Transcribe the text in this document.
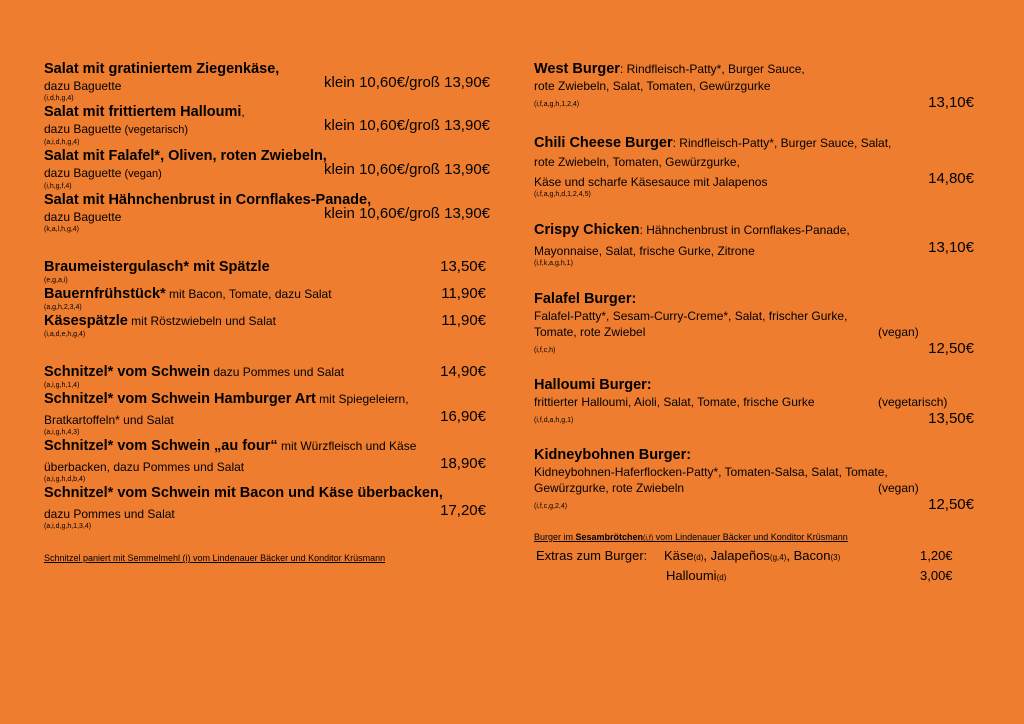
Salat mit gratiniertem Ziegenkäse,
dazu Baguette	klein 10,60€/groß 13,90€
(i,d,h,g,4)
Salat mit frittiertem Halloumi,
dazu Baguette (vegetarisch)	klein 10,60€/groß 13,90€
(a,i,d,h,g,4)
Salat mit Falafel*, Oliven, roten Zwiebeln,
dazu Baguette (vegan)	klein 10,60€/groß 13,90€
(i,h,g,f,4)
Salat mit Hähnchenbrust in Cornflakes-Panade,
dazu Baguette	klein 10,60€/groß 13,90€
(k,a,l,h,g,4)
Braumeistergulasch* mit Spätzle	13,50€
(e,g,a,i)
Bauernfrühstück* mit Bacon, Tomate, dazu Salat	11,90€
(a,g,h,2,3,4)
Käsespätzle mit Röstzwiebeln und Salat	11,90€
(i,a,d,e,h,g,4)
Schnitzel* vom Schwein dazu Pommes und Salat	14,90€
(a,i,g,h,1,4)
Schnitzel* vom Schwein Hamburger Art mit Spiegeleiern,
Bratkartoffeln* und Salat	16,90€
(a,i,g,h,4,3)
Schnitzel* vom Schwein „au four“ mit Würzfleisch und Käse
überbacken, dazu Pommes und Salat	18,90€
(a,i,g,h,d,b,4)
Schnitzel* vom Schwein mit Bacon und Käse überbacken,
dazu Pommes und Salat	17,20€
(a,i,d,g,h,1,3,4)
Schnitzel paniert mit Semmelmehl (i) vom Lindenauer Bäcker und Konditor Krüsmann
West Burger: Rindfleisch-Patty*, Burger Sauce,
rote Zwiebeln, Salat, Tomaten, Gewürzgurke
(i,f,a,g,h,1,2,4)	13,10€
Chili Cheese Burger: Rindfleisch-Patty*, Burger Sauce, Salat,
rote Zwiebeln, Tomaten, Gewürzgurke,
Käse und scharfe Käsesauce mit Jalapenos	14,80€
(i,f,a,g,h,d,1,2,4,5)
Crispy Chicken: Hähnchenbrust in Cornflakes-Panade,
Mayonnaise, Salat, frische Gurke, Zitrone	13,10€
(i,f,k,a,g,h,1)
Falafel Burger:
Falafel-Patty*, Sesam-Curry-Creme*, Salat, frischer Gurke,
Tomate, rote Zwiebel	(vegan)
(i,f,c,h)	12,50€
Halloumi Burger:
frittierter Halloumi, Aioli, Salat, Tomate, frische Gurke	(vegetarisch)
(i,f,d,a,h,g,1)	13,50€
Kidneybohnen Burger:
Kidneybohnen-Haferflocken-Patty*, Tomaten-Salsa, Salat, Tomate,
Gewürzgurke, rote Zwiebeln	(vegan)
(i,f,c,g,2,4)	12,50€
Burger im Sesambrötchen(i,f) vom Lindenauer Bäcker und Konditor Krüsmann
Extras zum Burger: Käse(d), Jalapeños(g,4), Bacon(3)	1,20€
Halloumi(d)	3,00€
